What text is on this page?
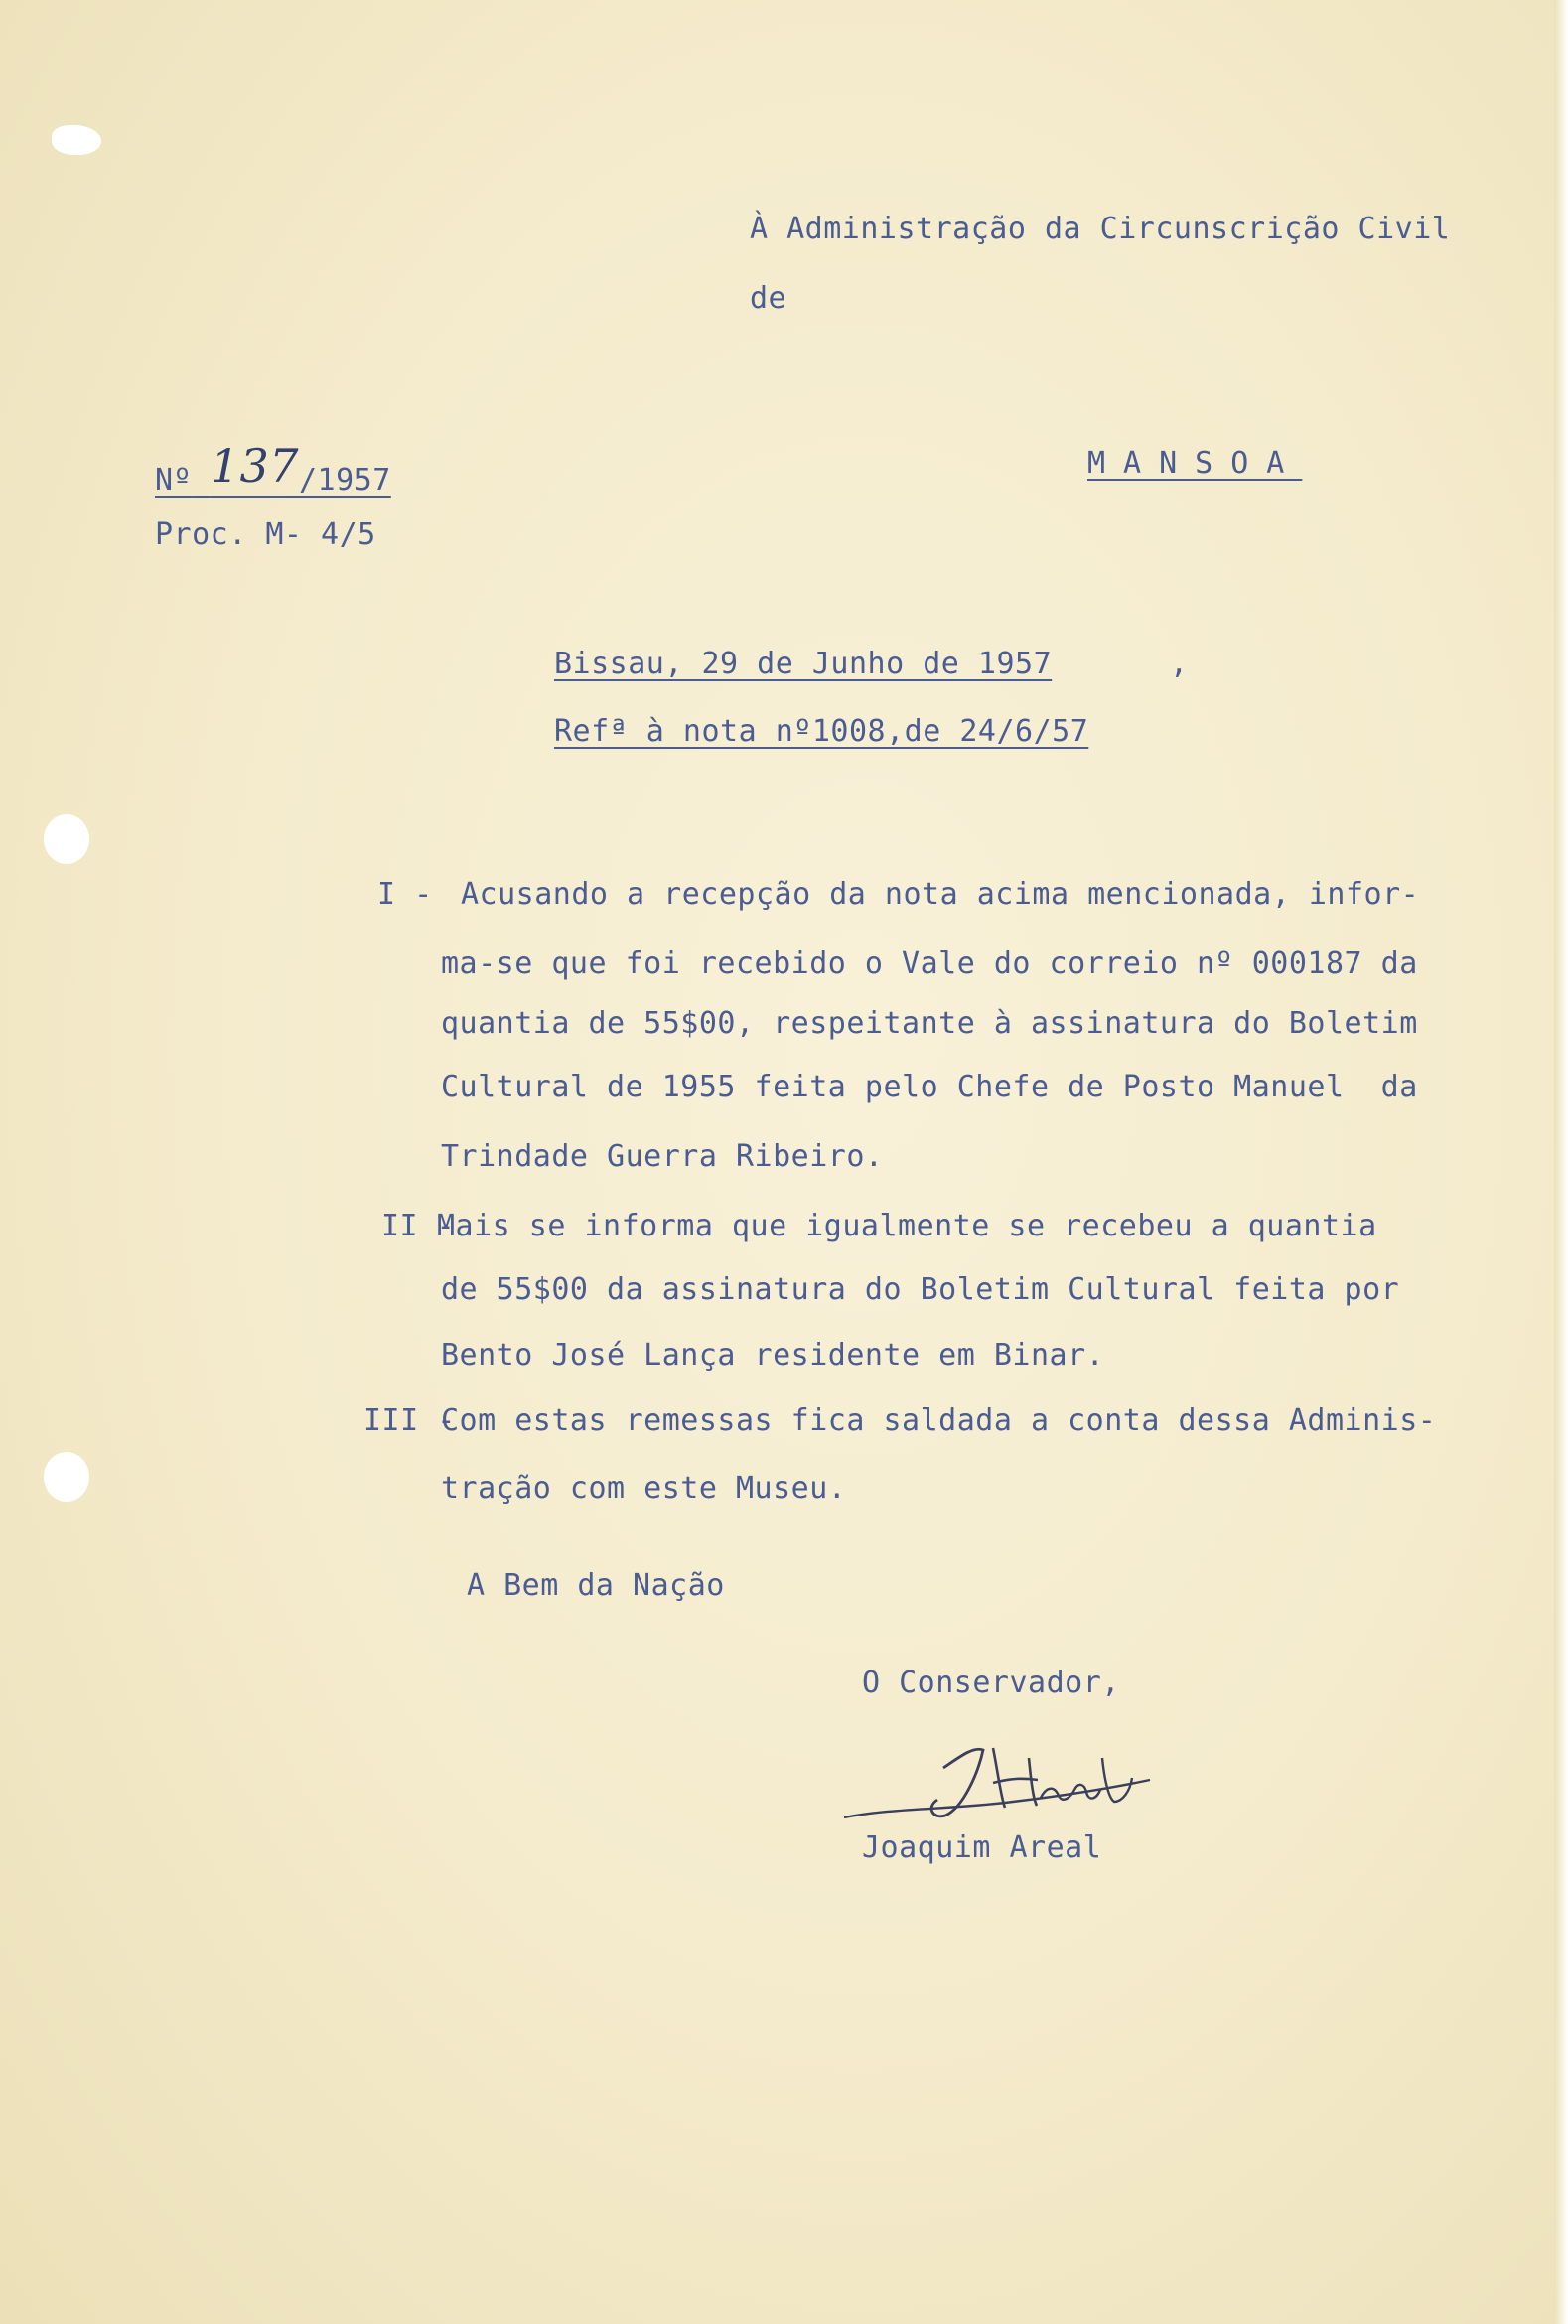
À Administração da Circunscrição Civil
de
Nº 137/1957
Proc. M- 4/5
MANSOA
Bissau, 29 de Junho de 1957	,
Refª à nota nº1008,de 24/6/57
I - Acusando a recepção da nota acima mencionada, infor-
ma-se que foi recebido o Vale do correio nº 000187 da
quantia de 55$00, respeitante à assinatura do Boletim
Cultural de 1955 feita pelo Chefe de Posto Manuel  da
Trindade Guerra Ribeiro.
II -
Mais se informa que igualmente se recebeu a quantia
de 55$00 da assinatura do Boletim Cultural feita por
Bento José Lança residente em Binar.
III -
Com estas remessas fica saldada a conta dessa Adminis-
tração com este Museu.
A Bem da Nação
O Conservador,
Joaquim Areal
